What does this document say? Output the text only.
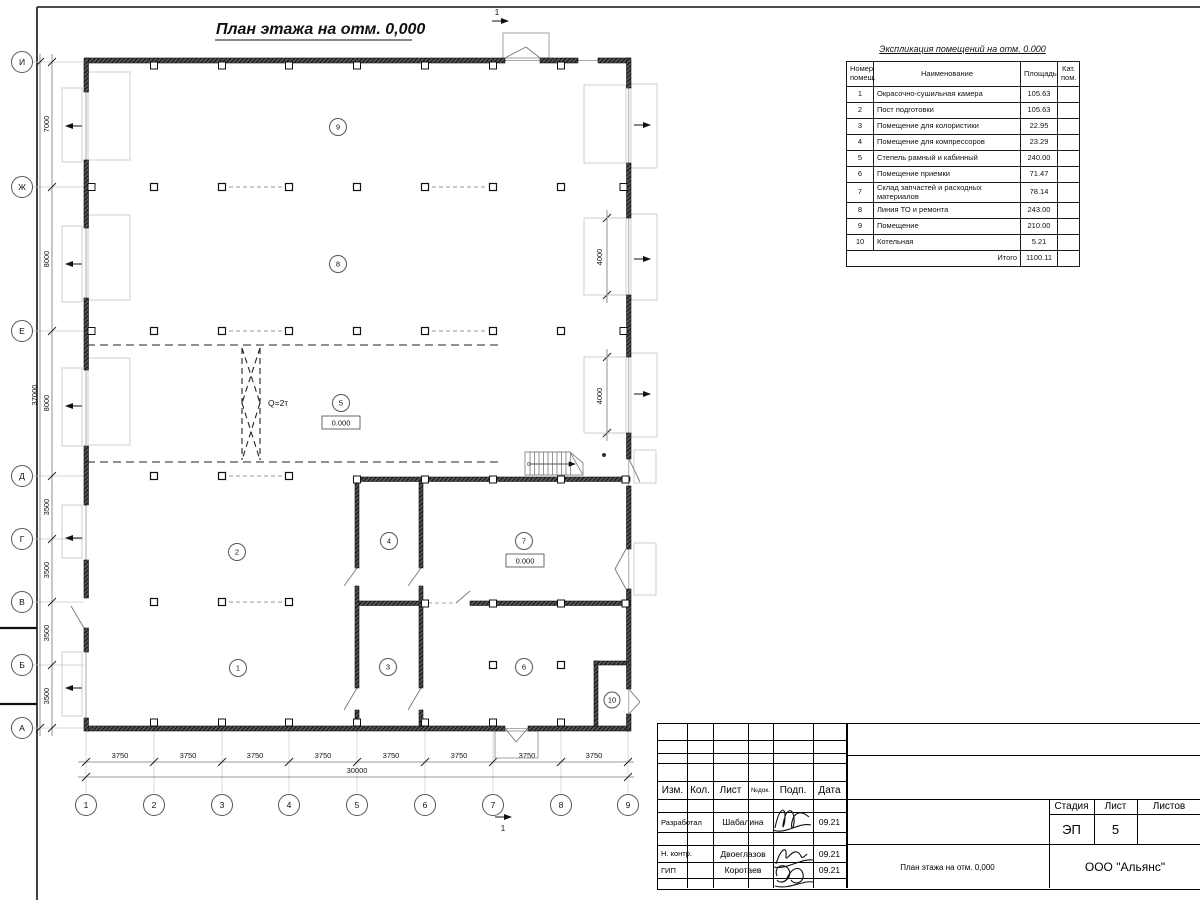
План этажа на отм. 0,000
7000
8000
8000
3500
3500
3500
3500
37000
3750	3750	3750	3750	3750	3750	3750	3750
30000
4000
4000
И
Ж
Е
Д
Г
В
Б
А
1	2	3	4	5	6	7	8	9
Q=2т
1
2
3
4
5
6
7
8
9
10
0.000
0.000
1
1

Экспликация помещений на отм. 0.000

Номер помещ.	Наименование	Площадь	Кат. пом.
1	Окрасочно-сушильная камера	105.63	
2	Пост подготовки	105.63	
3	Помещение для колористики	22.95	
4	Помещение для компрессоров	23.29	
5	Степель рамный и кабинный	240.00	
6	Помещение приемки	71.47	
7	Склад запчастей и расходных материалов	78.14	
8	Линия ТО и ремонта	243.00	
9	Помещение	210.00	
10	Котельная	5.21	
Итого		1100.11	
Изм. Кол. Лист	№док. Подп.	Дата
Разработал	Шабалина	09.21
Н. контр.	Двоеглазов	09.21
ГИП	Коротаев	09.21
Стадия	Лист	Листов
ЭП	5
План этажа на отм. 0,000	ООО "Альянс"
